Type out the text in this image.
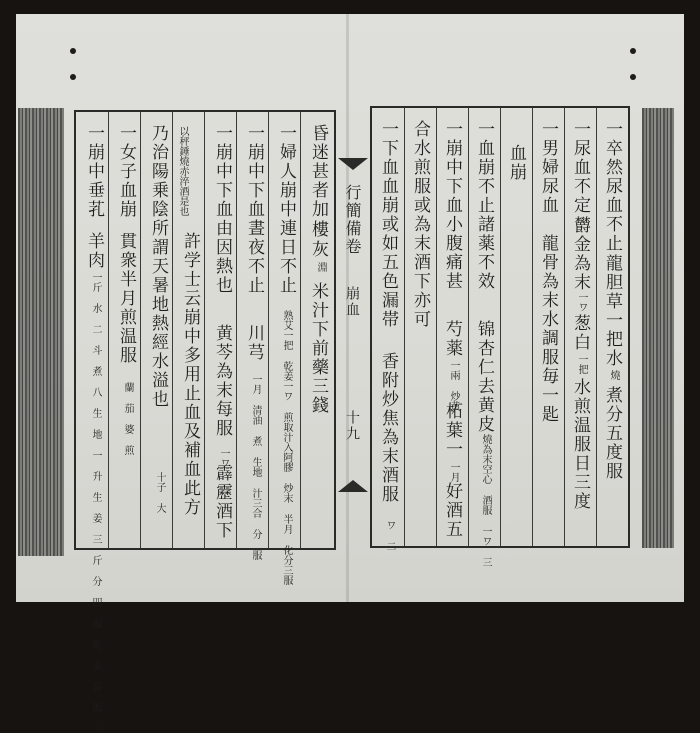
昏迷甚者加
樓
灰
淵
米汁下前藥三錢
一婦人崩中連日不止
熟艾一把 乾姜一ワ 煎取汁入阿膠 炒末 半月 化分三服
一崩中下血晝夜不止
川芎
一月 清油 煮 生地 汁三合 分 服
一崩中下血由因熱也
黄芩為末每服
一ワ
霹靂酒下
以秤錘燒赤淬酒是也
許学士云崩中多用止血及補血此方
乃治陽乗陰所謂天暑地熱經水溢也
十子 大
一女子血崩
貫衆半月煎温服
蘭 茄 婆 煎
一崩中垂芤
羊肉
一斤 水 二 斗 煮 八 生 地 一 升 生 姜 三 斤 分 四 服 乾 姜 當 飯 三
行簡備卷
崩血
十九
一卒然尿血不止
龍胆草一把水
燒
煮分五度服
一尿血不定
欝金為末
一ワ
葱白
一把
水煎温服日三度
一男婦尿血
龍骨為末水調服毎一匙
血崩
一血崩不止諸薬不效
锦杏仁去黄皮
燒為末空心 酒服 一ワ 三
一崩中下血小腹痛甚
芍薬
一兩 炒黄
柘葉一
一月
好酒五
合水煎服或為末酒下亦可
一下血血崩或如五色漏帯
香附炒焦為末酒服
ワ 二
